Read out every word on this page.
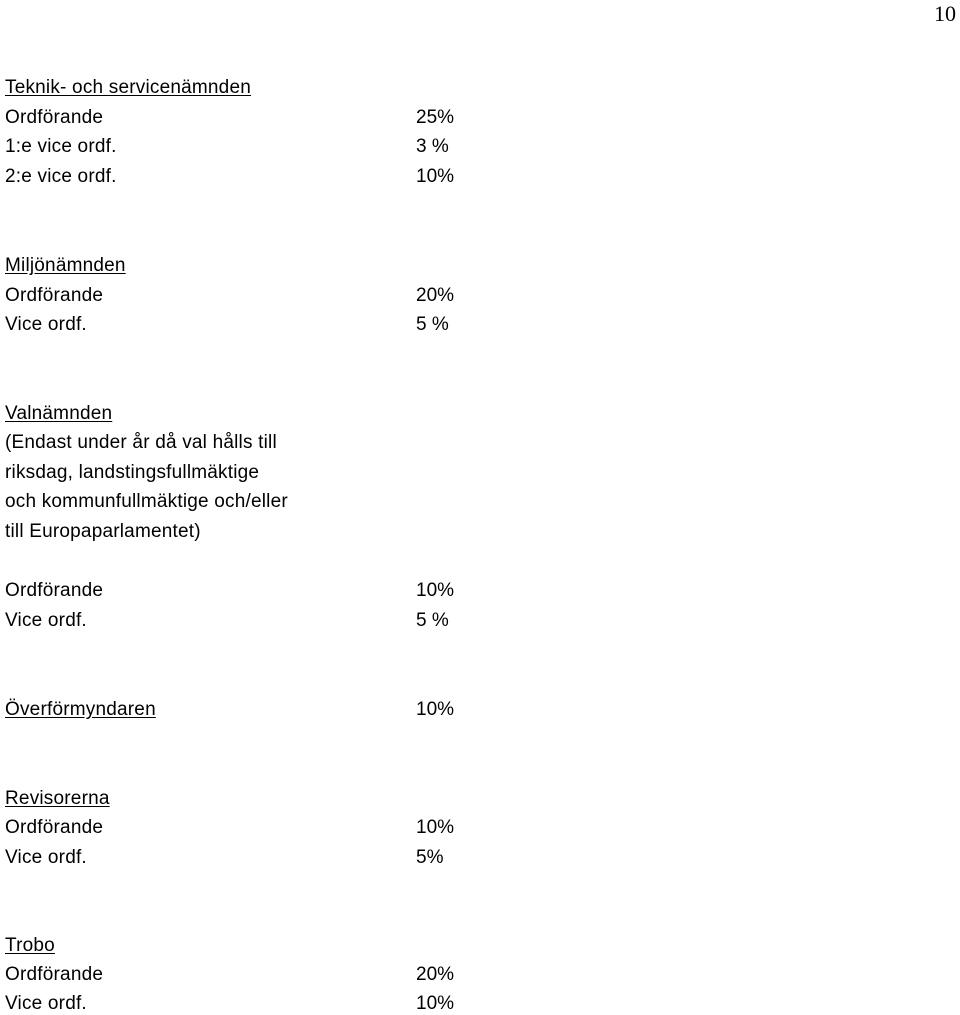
10
Teknik- och servicenämnden
Ordförande	25%
1:e vice ordf.	3 %
2:e vice ordf.	10%
Miljönämnden
Ordförande	20%
Vice ordf.	5 %
Valnämnden
(Endast under år då val hålls till
riksdag, landstingsfullmäktige
och kommunfullmäktige och/eller
till Europaparlamentet)
Ordförande	10%
Vice ordf.	5 %
Överförmyndaren	10%
Revisorerna
Ordförande	10%
Vice ordf.	5%
Trobo
Ordförande	20%
Vice ordf.	10%
